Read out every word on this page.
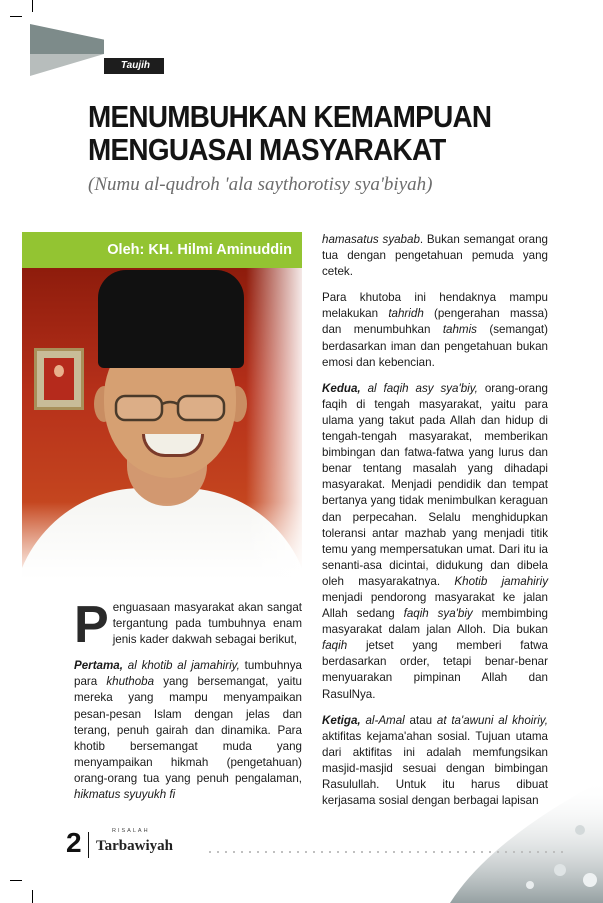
Taujih
MENUMBUHKAN KEMAMPUAN
MENGUASAI MASYARAKAT
(Numu al-qudroh 'ala saythorotisy sya'biyah)
Oleh: KH. Hilmi Aminuddin

Penguasaan masyarakat akan sangat tergantung pada tumbuhnya enam jenis kader dakwah sebagai berikut,

Pertama, al khotib al jamahiriy, tumbuhnya para khuthoba yang bersemangat, yaitu mereka yang mampu menyampaikan pesan-pesan Islam dengan jelas dan terang, penuh gairah dan dinamika. Para khotib bersemangat muda yang menyampaikan hikmah (pengetahuan) orang-orang tua yang penuh pengalaman, hikmatus syuyukh fi

hamasatus syabab. Bukan semangat orang tua dengan pengetahuan pemuda yang cetek.

Para khutoba ini hendaknya mampu melakukan tahridh (pengerahan massa) dan menumbuhkan tahmis (semangat) berdasarkan iman dan pengetahuan bukan emosi dan kebencian.

Kedua, al faqih asy sya'biy, orang-orang faqih di tengah masyarakat, yaitu para ulama yang takut pada Allah dan hidup di tengah-tengah masyarakat, memberikan bimbingan dan fatwa-fatwa yang lurus dan benar tentang masalah yang dihadapi masyarakat. Menjadi pendidik dan tempat bertanya yang tidak menimbulkan keraguan dan perpecahan. Selalu menghidupkan toleransi antar mazhab yang menjadi titik temu yang mempersatukan umat. Dari itu ia senanti-asa dicintai, didukung dan dibela oleh masyarakatnya. Khotib jamahiriy menjadi pendorong masyarakat ke jalan Allah sedang faqih sya'biy membimbing masyarakat dalam jalan Alloh. Dia bukan faqih jetset yang memberi fatwa berdasarkan order, tetapi benar-benar menyuarakan pimpinan Allah dan RasulNya.

Ketiga, al-Amal atau at ta'awuni al khoiriy, aktifitas kejama'ahan sosial. Tujuan utama dari aktifitas ini adalah memfungsikan masjid-masjid sesuai dengan bimbingan Rasulullah. Untuk itu harus dibuat kerjasama sosial dengan berbagai lapisan

2	RISALAH
Tarbawiyah
